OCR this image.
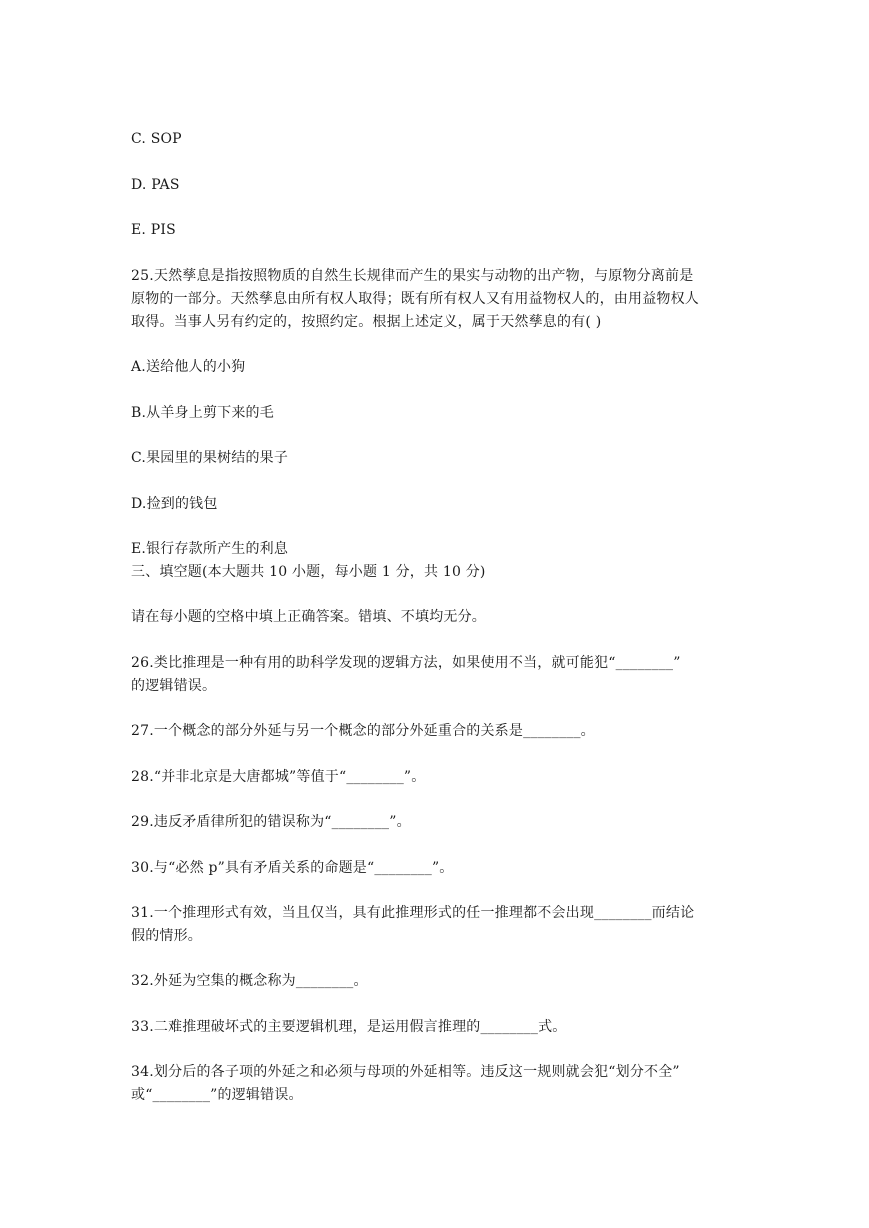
C. SOP

D. PAS

E. PIS

25.天然孳息是指按照物质的自然生长规律而产生的果实与动物的出产物，与原物分离前是

原物的一部分。天然孳息由所有权人取得；既有所有权人又有用益物权人的，由用益物权人

取得。当事人另有约定的，按照约定。根据上述定义，属于天然孳息的有( )

A.送给他人的小狗

B.从羊身上剪下来的毛

C.果园里的果树结的果子

D.捡到的钱包

E.银行存款所产生的利息

三、填空题(本大题共 10 小题，每小题 1 分，共 10 分)

请在每小题的空格中填上正确答案。错填、不填均无分。

26.类比推理是一种有用的助科学发现的逻辑方法，如果使用不当，就可能犯“________”

的逻辑错误。

27.一个概念的部分外延与另一个概念的部分外延重合的关系是________。

28.“并非北京是大唐都城”等值于“________”。

29.违反矛盾律所犯的错误称为“________”。

30.与“必然 p”具有矛盾关系的命题是“________”。

31.一个推理形式有效，当且仅当，具有此推理形式的任一推理都不会出现________而结论

假的情形。

32.外延为空集的概念称为________。

33.二难推理破坏式的主要逻辑机理，是运用假言推理的________式。

34.划分后的各子项的外延之和必须与母项的外延相等。违反这一规则就会犯“划分不全”

或“________”的逻辑错误。
